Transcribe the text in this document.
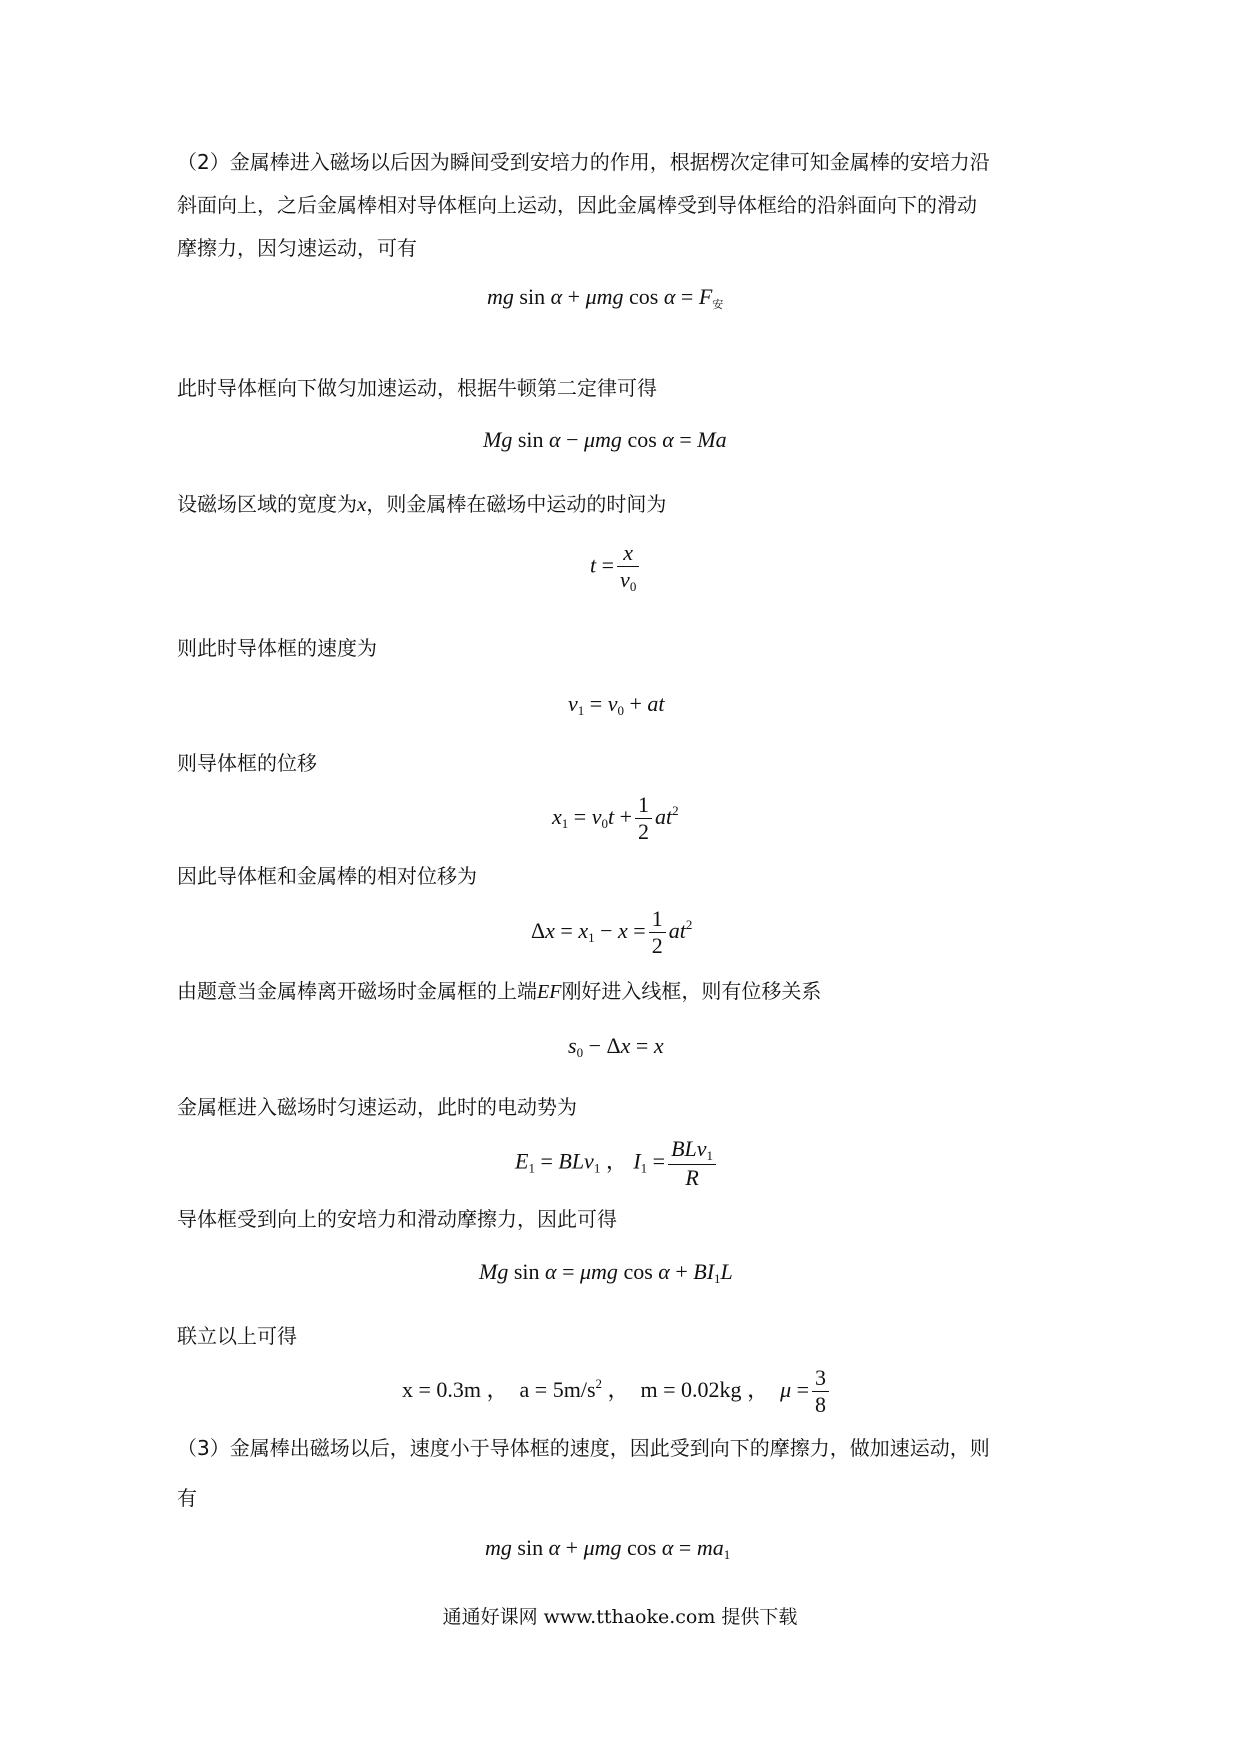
（2）金属棒进入磁场以后因为瞬间受到安培力的作用，根据楞次定律可知金属棒的安培力沿
斜面向上，之后金属棒相对导体框向上运动，因此金属棒受到导体框给的沿斜面向下的滑动
摩擦力，因匀速运动，可有
mg sin α + μmg $\cos \alpha = F_安$
此时导体框向下做匀加速运动，根据牛顿第二定律可得
Mg sin α − μmg cos α = Ma
设磁场区域的宽度为x，则金属棒在磁场中运动的时间为
$t = \frac{x}{v_0}$
则此时导体框的速度为
$v_1 = v_0$ + at
则导体框的位移
$x_1 = v_0t + \frac{1}{2} at^2$
因此导体框和金属棒的相对位移为
$\Delta x = x_1 - x = \frac{1}{2} at^2$
由题意当金属棒离开磁场时金属框的上端EF刚好进入线框，则有位移关系
$s_0 - \Delta x = x$
金属框进入磁场时匀速运动，此时的电动势为
$E_1 = BLv_1$ ， $I_1 = \frac{BLv_1}{R}$
导体框受到向上的安培力和滑动摩擦力，因此可得
Mg sin α = μmg $\cos \alpha + BI_1L$
联立以上可得
x = 0.3m ，  $a = 5m/s^2$ ，  m = 0.02kg ，  $\mu = \frac{3}{8}$
（3）金属棒出磁场以后，速度小于导体框的速度，因此受到向下的摩擦力，做加速运动，则
有
mg sin α + μmg $\cos \alpha = ma_1$
通通好课网 www.tthaoke.com 提供下载
